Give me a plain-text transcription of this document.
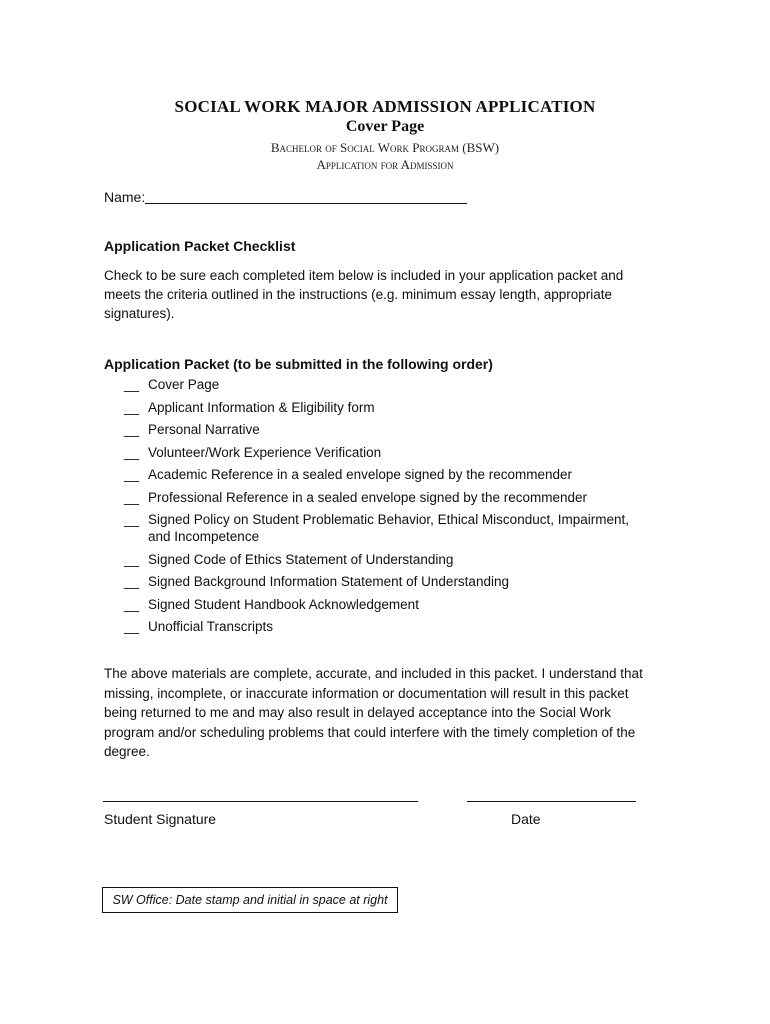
SOCIAL WORK MAJOR ADMISSION APPLICATION
Cover Page
Bachelor of Social Work Program (BSW)
Application for Admission
Name:
Application Packet Checklist
Check to be sure each completed item below is included in your application packet and meets the criteria outlined in the instructions (e.g. minimum essay length, appropriate signatures).
Application Packet (to be submitted in the following order)
__ Cover Page
__ Applicant Information & Eligibility form
__ Personal Narrative
__ Volunteer/Work Experience Verification
__ Academic Reference in a sealed envelope signed by the recommender
__ Professional Reference in a sealed envelope signed by the recommender
__ Signed Policy on Student Problematic Behavior, Ethical Misconduct, Impairment, and Incompetence
__ Signed Code of Ethics Statement of Understanding
__ Signed Background Information Statement of Understanding
__ Signed Student Handbook Acknowledgement
__ Unofficial Transcripts
The above materials are complete, accurate, and included in this packet. I understand that missing, incomplete, or inaccurate information or documentation will result in this packet being returned to me and may also result in delayed acceptance into the Social Work program and/or scheduling problems that could interfere with the timely completion of the degree.
Student Signature	Date
SW Office: Date stamp and initial in space at right
